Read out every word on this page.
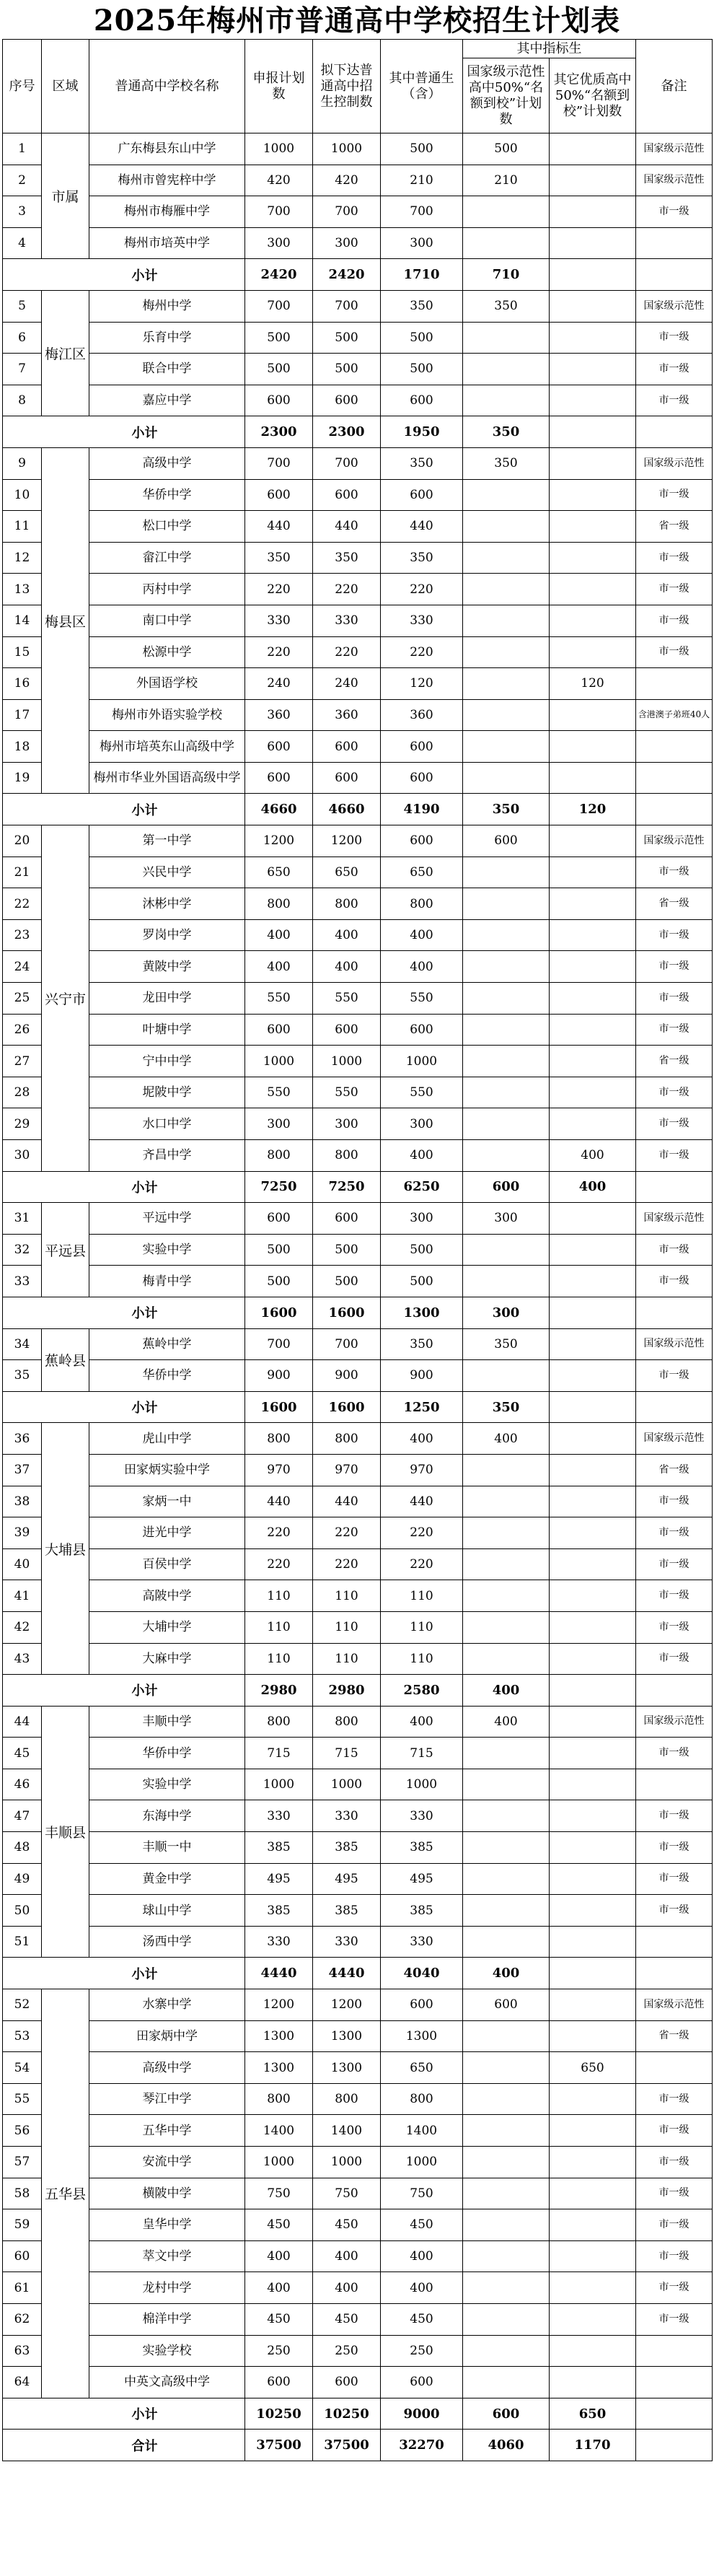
2025年梅州市普通高中学校招生计划表
序号	区域	普通高中学校名称	申报计划数	拟下达普通高中招生控制数	其中普通生（含）	其中指标生		备注
						国家级示范性高中50%“名额到校”计划数	其它优质高中50%“名额到校”计划数	
1	市属	广东梅县东山中学	1000	1000	500	500		国家级示范性
2		梅州市曾宪梓中学	420	420	210	210		国家级示范性
3		梅州市梅雁中学	700	700	700			市一级
4		梅州市培英中学	300	300	300			
小计			2420	2420	1710	710		
5	梅江区	梅州中学	700	700	350	350		国家级示范性
6		乐育中学	500	500	500			市一级
7		联合中学	500	500	500			市一级
8		嘉应中学	600	600	600			市一级
小计			2300	2300	1950	350		
9	梅县区	高级中学	700	700	350	350		国家级示范性
10		华侨中学	600	600	600			市一级
11		松口中学	440	440	440			省一级
12		畲江中学	350	350	350			市一级
13		丙村中学	220	220	220			市一级
14		南口中学	330	330	330			市一级
15		松源中学	220	220	220			市一级
16		外国语学校	240	240	120		120	
17		梅州市外语实验学校	360	360	360			含港澳子弟班40人
18		梅州市培英东山高级中学	600	600	600			
19		梅州市华业外国语高级中学	600	600	600			
小计			4660	4660	4190	350	120	
20	兴宁市	第一中学	1200	1200	600	600		国家级示范性
21		兴民中学	650	650	650			市一级
22		沐彬中学	800	800	800			省一级
23		罗岗中学	400	400	400			市一级
24		黄陂中学	400	400	400			市一级
25		龙田中学	550	550	550			市一级
26		叶塘中学	600	600	600			市一级
27		宁中中学	1000	1000	1000			省一级
28		坭陂中学	550	550	550			市一级
29		水口中学	300	300	300			市一级
30		齐昌中学	800	800	400		400	市一级
小计			7250	7250	6250	600	400	
31	平远县	平远中学	600	600	300	300		国家级示范性
32		实验中学	500	500	500			市一级
33		梅青中学	500	500	500			市一级
小计			1600	1600	1300	300		
34	蕉岭县	蕉岭中学	700	700	350	350		国家级示范性
35		华侨中学	900	900	900			市一级
小计			1600	1600	1250	350		
36	大埔县	虎山中学	800	800	400	400		国家级示范性
37		田家炳实验中学	970	970	970			省一级
38		家炳一中	440	440	440			市一级
39		进光中学	220	220	220			市一级
40		百侯中学	220	220	220			市一级
41		高陂中学	110	110	110			市一级
42		大埔中学	110	110	110			市一级
43		大麻中学	110	110	110			市一级
小计			2980	2980	2580	400		
44	丰顺县	丰顺中学	800	800	400	400		国家级示范性
45		华侨中学	715	715	715			市一级
46		实验中学	1000	1000	1000			
47		东海中学	330	330	330			市一级
48		丰顺一中	385	385	385			市一级
49		黄金中学	495	495	495			市一级
50		球山中学	385	385	385			市一级
51		汤西中学	330	330	330			
小计			4440	4440	4040	400		
52	五华县	水寨中学	1200	1200	600	600		国家级示范性
53		田家炳中学	1300	1300	1300			省一级
54		高级中学	1300	1300	650		650	
55		琴江中学	800	800	800			市一级
56		五华中学	1400	1400	1400			市一级
57		安流中学	1000	1000	1000			市一级
58		横陂中学	750	750	750			市一级
59		皇华中学	450	450	450			市一级
60		萃文中学	400	400	400			市一级
61		龙村中学	400	400	400			市一级
62		棉洋中学	450	450	450			市一级
63		实验学校	250	250	250			
64		中英文高级中学	600	600	600			
小计			10250	10250	9000	600	650	
合计			37500	37500	32270	4060	1170	
